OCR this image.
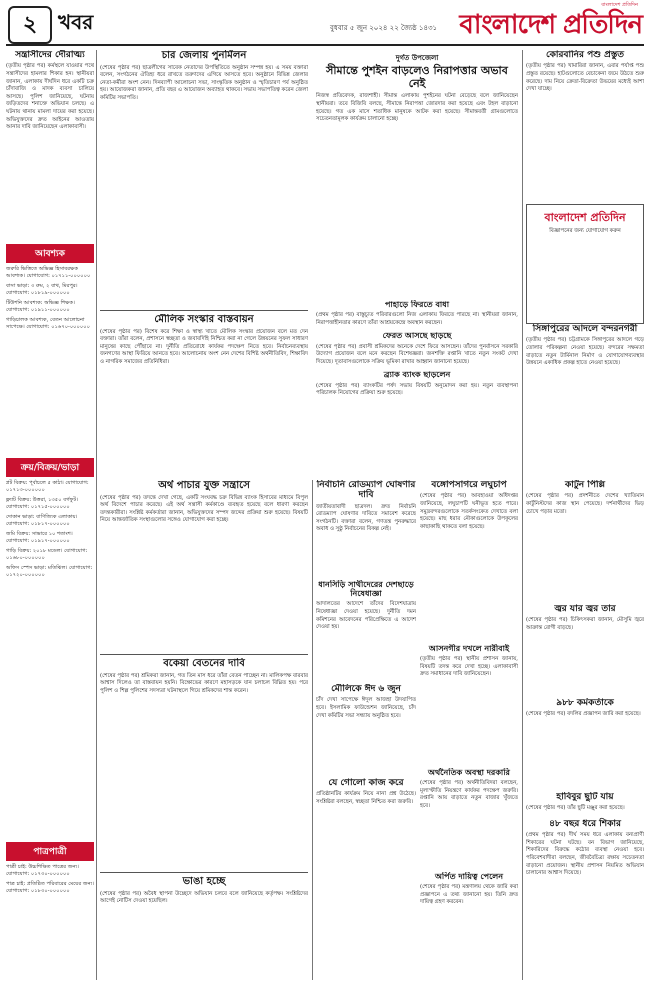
২	খবর	বুধবার ৫ জুন ২০২৪ ২২ জ্যৈষ্ঠ ১৪৩১
বাংলাদেশ প্রতিদিন
বাংলাদেশ প্রতিদিন
সন্ত্রাসীদের দৌরাত্ম্য

(তৃতীয় পৃষ্ঠার পর) কর্মস্থলে যাওয়ার পথে সন্ত্রাসীদের হামলার শিকার হন। স্থানীয়রা জানান, এলাকায় দীর্ঘদিন ধরে একটি চক্র চাঁদাবাজি ও মাদক ব্যবসা চালিয়ে আসছে। পুলিশ জানিয়েছে, ঘটনায় জড়িতদের শনাক্তে অভিযান চলছে। এ ঘটনায় থানায় মামলা দায়ের করা হয়েছে। অভিযুক্তদের দ্রুত আইনের আওতায় আনার দাবি জানিয়েছেন এলাকাবাসী।

আবশ্যক
জরুরি ভিত্তিতে অভিজ্ঞ হিসাবরক্ষক আবশ্যক। যোগাযোগ: ০১৭১১-০০০০০০
বাসা ভাড়া: ৩ রুম, ২ বাথ, মিরপুর। যোগাযোগ: ০১৮১৯-০০০০০০
টিউশনি আবশ্যক: অভিজ্ঞ শিক্ষক। যোগাযোগ: ০১৯১১-০০০০০০
গাড়িচালক আবশ্যক, বেতন আলোচনা সাপেক্ষে। যোগাযোগ: ০১৬৭০-০০০০০০
ক্রয়/বিক্রয়/ভাড়া
প্লট বিক্রয়: পূর্বাচলে ৫ কাঠা। যোগাযোগ: ০১৭১৩-০০০০০০
ফ্ল্যাট বিক্রয়: উত্তরা, ১৩৫০ বর্গফুট। যোগাযোগ: ০১৭১৫-০০০০০০
দোকান ভাড়া: বাণিজ্যিক এলাকায়। যোগাযোগ: ০১৮১৭-০০০০০০
জমি বিক্রয়: সাভারে ১০ শতাংশ। যোগাযোগ: ০১৯১৭-০০০০০০
গাড়ি বিক্রয়: ২০১৮ মডেল। যোগাযোগ: ০১৬৮০-০০০০০০
অফিস স্পেস ভাড়া: মতিঝিল। যোগাযোগ: ০১৭২০-০০০০০০
পাত্রপাত্রী
পাত্রী চাই: উচ্চশিক্ষিত পাত্রের জন্য। যোগাযোগ: ০১৭৩০-০০০০০০
পাত্র চাই: প্রতিষ্ঠিত পরিবারের মেয়ের জন্য। যোগাযোগ: ০১৮৩০-০০০০০০
চার জেলায় পুনর্মিলন

(শেষের পৃষ্ঠার পর) ছাত্রলীগের সাবেক নেতাদের উপস্থিতিতে অনুষ্ঠান সম্পন্ন হয়। এ সময় বক্তারা বলেন, সংগঠনের ঐতিহ্য ধরে রাখতে তরুণদের এগিয়ে আসতে হবে। অনুষ্ঠানে বিভিন্ন জেলার নেতা-কর্মীরা অংশ নেন। দিনব্যাপী আলোচনা সভা, সাংস্কৃতিক অনুষ্ঠান ও স্মৃতিচারণ পর্ব অনুষ্ঠিত হয়। আয়োজকরা জানান, প্রতি বছর এ আয়োজন অব্যাহত থাকবে। সভায় সভাপতিত্ব করেন জেলা কমিটির সভাপতি।

মৌলিক সংস্কার বাস্তবায়ন

(শেষের পৃষ্ঠার পর) বিশেষ করে শিক্ষা ও স্বাস্থ্য খাতে মৌলিক সংস্কার প্রয়োজন বলে মত দেন বক্তারা। তাঁরা বলেন, প্রশাসনে স্বচ্ছতা ও জবাবদিহি নিশ্চিত করা না গেলে উন্নয়নের সুফল সাধারণ মানুষের কাছে পৌঁছাবে না। দুর্নীতি প্রতিরোধে কার্যকর পদক্ষেপ নিতে হবে। নির্বাচনব্যবস্থায় জনগণের আস্থা ফিরিয়ে আনতে হবে। আলোচনায় অংশ নেন দেশের বিশিষ্ট অর্থনীতিবিদ, শিক্ষাবিদ ও নাগরিক সমাজের প্রতিনিধিরা।

দুর্গত উপজেলা
সীমান্তে পুশইন বাড়লেও নিরাপত্তার অভাব নেই

নিজস্ব প্রতিবেদক, রাজশাহী। সীমান্ত এলাকায় পুশইনের ঘটনা বেড়েছে বলে জানিয়েছেন স্থানীয়রা। তবে বিজিবি বলছে, সীমান্তে নিরাপত্তা জোরদার করা হয়েছে এবং টহল বাড়ানো হয়েছে। গত এক মাসে শতাধিক মানুষকে আটক করা হয়েছে। সীমান্তবর্তী গ্রামগুলোতে সচেতনতামূলক কার্যক্রম চালানো হচ্ছে।

অর্থ পাচার যুক্ত সন্ত্রাসে

(শেষের পৃষ্ঠার পর) তদন্তে দেখা গেছে, একটি সংঘবদ্ধ চক্র বিভিন্ন ব্যাংক হিসাবের মাধ্যমে বিপুল অর্থ বিদেশে পাচার করেছে। এই অর্থ সন্ত্রাসী কর্মকাণ্ডে ব্যবহৃত হয়েছে বলে ধারণা করছেন তদন্তকারীরা। সংশ্লিষ্ট কর্মকর্তারা জানান, অভিযুক্তদের সম্পদ জব্দের প্রক্রিয়া শুরু হয়েছে। বিষয়টি নিয়ে আন্তর্জাতিক সংস্থাগুলোর সঙ্গেও যোগাযোগ করা হচ্ছে।

বকেয়া বেতনের দাবি

(শেষের পৃষ্ঠার পর) শ্রমিকরা জানান, গত তিন মাস ধরে তাঁরা বেতন পাচ্ছেন না। মালিকপক্ষ বারবার আশ্বাস দিলেও তা বাস্তবায়ন হয়নি। বিক্ষোভের কারণে মহাসড়কে যান চলাচল বিঘ্নিত হয়। পরে পুলিশ ও শিল্প পুলিশের সদস্যরা ঘটনাস্থলে গিয়ে শ্রমিকদের শান্ত করেন।

ভাঙা হচ্ছে

(শেষের পৃষ্ঠার পর) অবৈধ স্থাপনা উচ্ছেদে অভিযান চলবে বলে জানিয়েছে কর্তৃপক্ষ। সংশ্লিষ্টদের আগেই নোটিস দেওয়া হয়েছিল।

নির্বাচনি রোডম্যাপ ঘোষণার দাবি

জাতীয়তাবাদী ছাত্রদল। দ্রুত নির্বাচনি রোডম্যাপ ঘোষণার দাবিতে সমাবেশ করেছে সংগঠনটি। বক্তারা বলেন, গণতন্ত্র পুনরুদ্ধারে অবাধ ও সুষ্ঠু নির্বাচনের বিকল্প নেই।

ধানসিঁড়ি সাথীদেরের দেশছাড়ে নিষেধাজ্ঞা

আদালতের আদেশে তাঁদের বিদেশযাত্রায় নিষেধাজ্ঞা দেওয়া হয়েছে। দুর্নীতি দমন কমিশনের আবেদনের পরিপ্রেক্ষিতে এ আদেশ দেওয়া হয়।

মৌলিকে ঈদ ৬ জুন

চাঁদ দেখা সাপেক্ষে ঈদুল আজহা উদযাপিত হবে। ইসলামিক ফাউন্ডেশন জানিয়েছে, চাঁদ দেখা কমিটির সভা সন্ধ্যায় অনুষ্ঠিত হবে।

যে গোলো কাজ করে

প্রতিষ্ঠানটির কার্যক্রম নিয়ে নানা প্রশ্ন উঠেছে। সংশ্লিষ্টরা বলছেন, স্বচ্ছতা নিশ্চিত করা জরুরি।

বঙ্গোপসাগরে লঘুচাপ

(শেষের পৃষ্ঠার পর) আবহাওয়া অধিদপ্তর জানিয়েছে, লঘুচাপটি ঘনীভূত হতে পারে। সমুদ্রবন্দরগুলোকে সতর্কসংকেত দেখাতে বলা হয়েছে। মাছ ধরার নৌকাগুলোকে উপকূলের কাছাকাছি থাকতে বলা হয়েছে।

আসনগীর দখলে নারীবাই

(তৃতীয় পৃষ্ঠার পর) স্থানীয় প্রশাসন জানায়, বিষয়টি তদন্ত করে দেখা হচ্ছে। এলাকাবাসী দ্রুত সমাধানের দাবি জানিয়েছেন।

অর্থনৈতিক অবস্থা দরকারি

(শেষের পৃষ্ঠার পর) অর্থনীতিবিদরা বলছেন, মূল্যস্ফীতি নিয়ন্ত্রণে কার্যকর পদক্ষেপ জরুরি। রপ্তানি আয় বাড়াতে নতুন বাজার খুঁজতে হবে।

অর্পিত দায়িত্ব পেলেন

(শেষের পৃষ্ঠার পর) মন্ত্রণালয় থেকে জারি করা প্রজ্ঞাপনে এ তথ্য জানানো হয়। তিনি দ্রুত দায়িত্ব গ্রহণ করবেন।

কোরবানির পশু প্রস্তুত

(তৃতীয় পৃষ্ঠার পর) খামারিরা জানান, এবার পর্যাপ্ত পশু প্রস্তুত রয়েছে। হাটগুলোতে বেচাকেনা জমে উঠতে শুরু করেছে। দাম নিয়ে ক্রেতা-বিক্রেতা উভয়ের মধ্যেই আশা দেখা যাচ্ছে।

বাংলাদেশ প্রতিদিন

বিজ্ঞাপনের জন্য যোগাযোগ করুন

সিঙ্গাপুরের আদলে বন্দরনগরী

(তৃতীয় পৃষ্ঠার পর) চট্টগ্রামকে সিঙ্গাপুরের আদলে গড়ে তোলার পরিকল্পনা নেওয়া হয়েছে। বন্দরের সক্ষমতা বাড়াতে নতুন টার্মিনাল নির্মাণ ও যোগাযোগব্যবস্থার উন্নয়নে একাধিক প্রকল্প হাতে নেওয়া হয়েছে।

কার্টুন পিল্লি

(শেষের পৃষ্ঠার পর) প্রদর্শনীতে দেশের খ্যাতিমান কার্টুনিস্টদের কাজ স্থান পেয়েছে। দর্শনার্থীদের ভিড় চোখে পড়ার মতো।

জ্বর যার জ্বর তার

(শেষের পৃষ্ঠার পর) চিকিৎসকরা জানান, মৌসুমি জ্বরে আক্রান্ত রোগী বাড়ছে।

৯৮৮ কর্মকর্তাকে

(শেষের পৃষ্ঠার পর) বদলির প্রজ্ঞাপন জারি করা হয়েছে।

হাবিবুর ছুটি যায়

(শেষের পৃষ্ঠার পর) তাঁর ছুটি মঞ্জুর করা হয়েছে।

৪৮ বছর ধরে শিকার

(প্রথম পৃষ্ঠার পর) দীর্ঘ সময় ধরে এলাকায় বন্যপ্রাণী শিকারের ঘটনা ঘটছে। বন বিভাগ জানিয়েছে, শিকারিদের বিরুদ্ধে কঠোর ব্যবস্থা নেওয়া হবে। পরিবেশবাদীরা বলছেন, জীববৈচিত্র্য রক্ষায় সচেতনতা বাড়ানো প্রয়োজন। স্থানীয় প্রশাসন নিয়মিত অভিযান চালানোর আশ্বাস দিয়েছে।

পাহাড়ে ফিরতে বাধা

(প্রথম পৃষ্ঠার পর) বাস্তুচ্যুত পরিবারগুলো নিজ এলাকায় ফিরতে পারছে না। স্থানীয়রা জানান, নিরাপত্তাহীনতার কারণে তাঁরা আশ্রয়কেন্দ্রে অবস্থান করছেন।

ফেরত আসছে ছাড়ছে

(শেষের পৃষ্ঠার পর) প্রবাসী শ্রমিকদের অনেকে দেশে ফিরে আসছেন। তাঁদের পুনর্বাসনে সরকারি উদ্যোগ প্রয়োজন বলে মনে করছেন বিশেষজ্ঞরা। জনশক্তি রপ্তানি খাতে নতুন সংকট দেখা দিয়েছে। দূতাবাসগুলোকে সক্রিয় ভূমিকা রাখার আহ্বান জানানো হয়েছে।

ব্র্যাক ব্যাংক ছাড়লেন

(শেষের পৃষ্ঠার পর) ব্যাংকটির পর্ষদ সভায় বিষয়টি অনুমোদন করা হয়। নতুন ব্যবস্থাপনা পরিচালক নিয়োগের প্রক্রিয়া শুরু হয়েছে।
